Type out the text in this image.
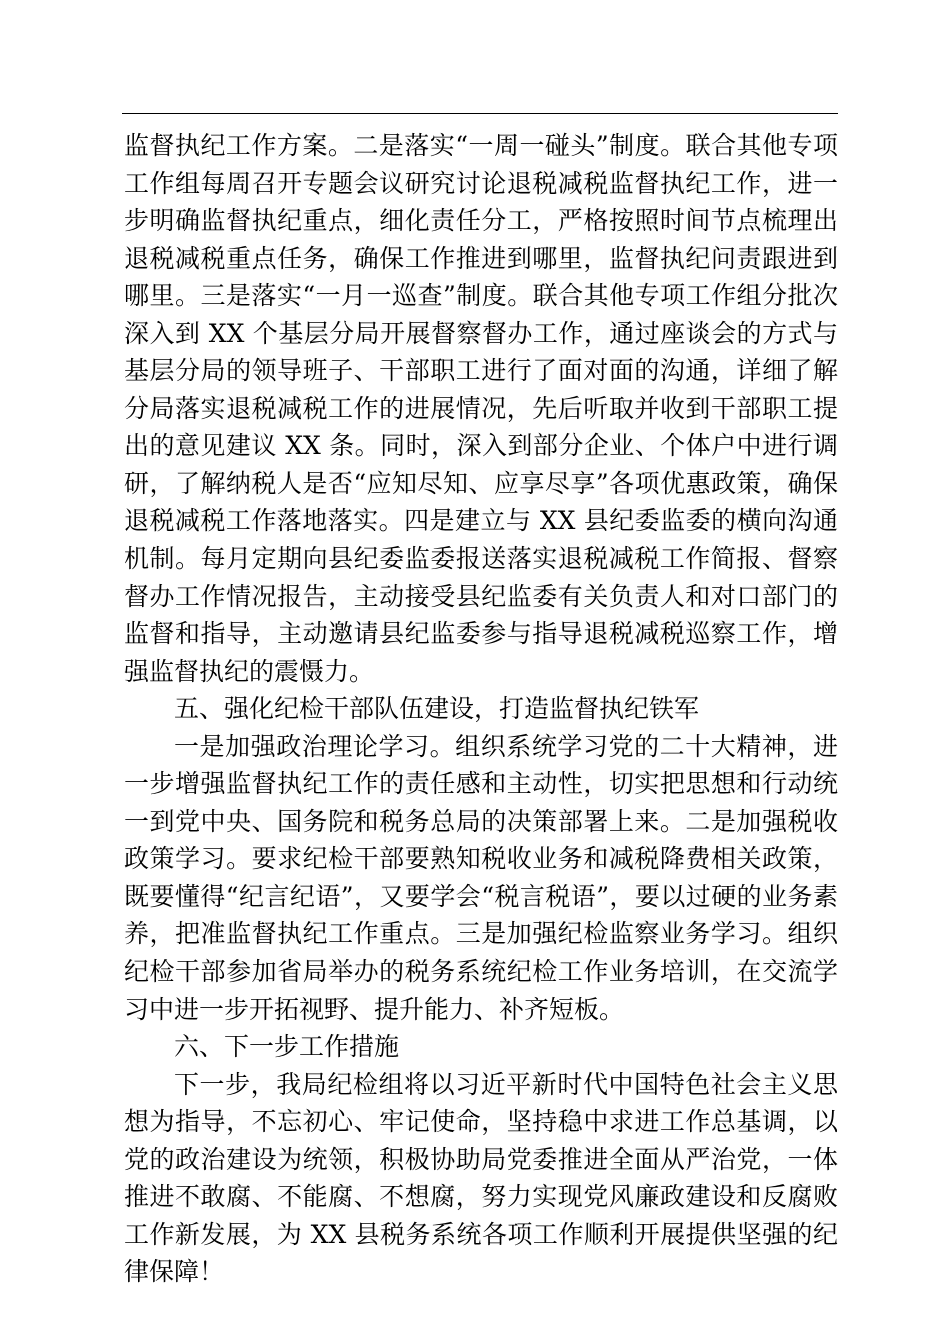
监督执纪工作方案。二是落实“一周一碰头”制度。联合其他专项工作组每周召开专题会议研究讨论退税减税监督执纪工作，进一步明确监督执纪重点，细化责任分工，严格按照时间节点梳理出退税减税重点任务，确保工作推进到哪里，监督执纪问责跟进到哪里。三是落实“一月一巡查”制度。联合其他专项工作组分批次深入到 XX 个基层分局开展督察督办工作，通过座谈会的方式与基层分局的领导班子、干部职工进行了面对面的沟通，详细了解分局落实退税减税工作的进展情况，先后听取并收到干部职工提出的意见建议 XX 条。同时，深入到部分企业、个体户中进行调研，了解纳税人是否“应知尽知、应享尽享”各项优惠政策，确保退税减税工作落地落实。四是建立与 XX 县纪委监委的横向沟通机制。每月定期向县纪委监委报送落实退税减税工作简报、督察督办工作情况报告，主动接受县纪监委有关负责人和对口部门的监督和指导，主动邀请县纪监委参与指导退税减税巡察工作，增强监督执纪的震慑力。

五、强化纪检干部队伍建设，打造监督执纪铁军

一是加强政治理论学习。组织系统学习党的二十大精神，进一步增强监督执纪工作的责任感和主动性，切实把思想和行动统一到党中央、国务院和税务总局的决策部署上来。二是加强税收政策学习。要求纪检干部要熟知税收业务和减税降费相关政策，既要懂得“纪言纪语”，又要学会“税言税语”，要以过硬的业务素养，把准监督执纪工作重点。三是加强纪检监察业务学习。组织纪检干部参加省局举办的税务系统纪检工作业务培训，在交流学习中进一步开拓视野、提升能力、补齐短板。

六、下一步工作措施

下一步，我局纪检组将以习近平新时代中国特色社会主义思想为指导，不忘初心、牢记使命，坚持稳中求进工作总基调，以党的政治建设为统领，积极协助局党委推进全面从严治党，一体推进不敢腐、不能腐、不想腐，努力实现党风廉政建设和反腐败工作新发展，为 XX 县税务系统各项工作顺利开展提供坚强的纪律保障！
